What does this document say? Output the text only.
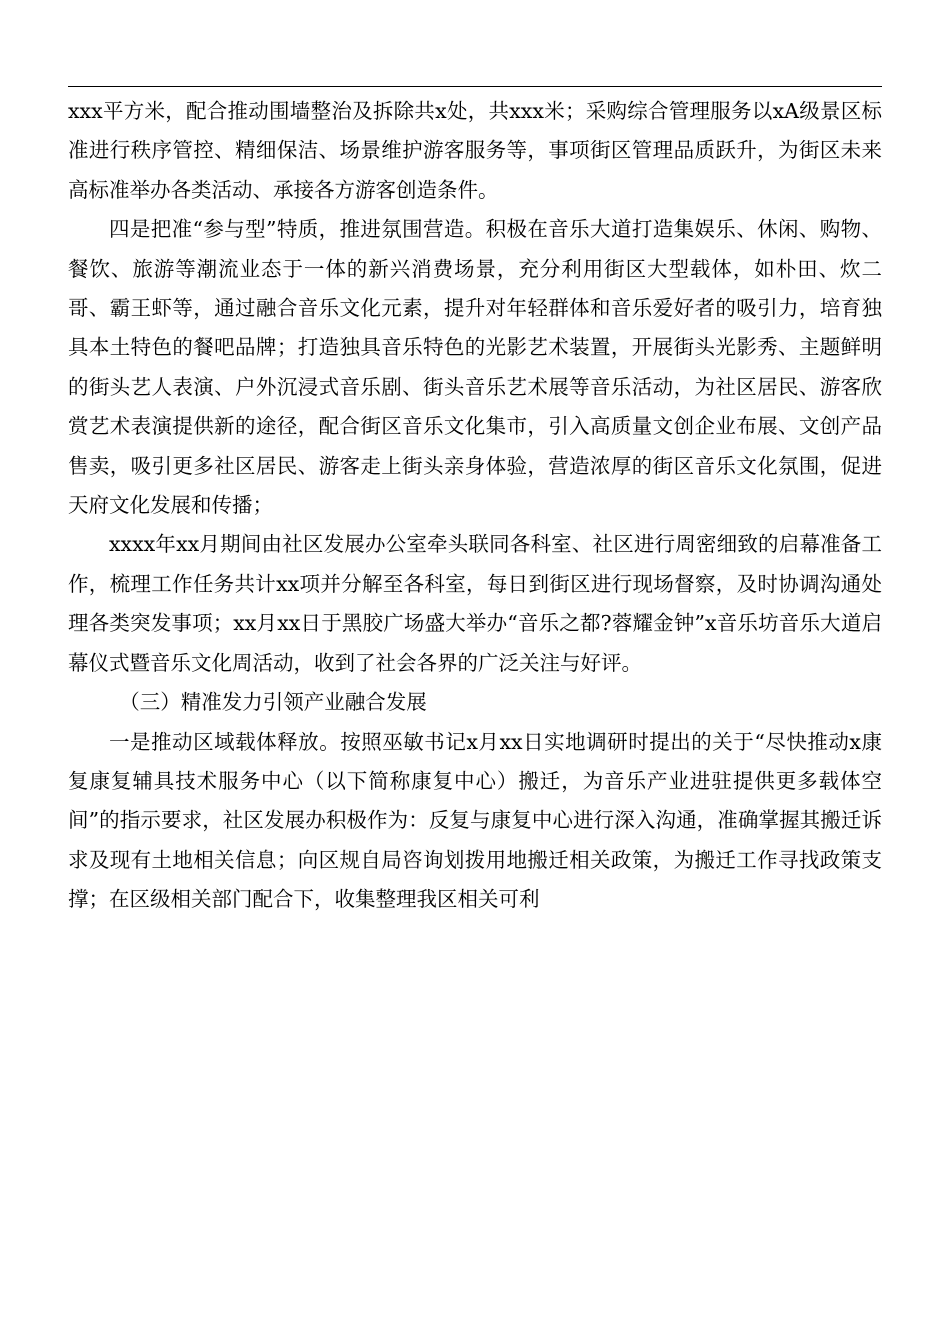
xxx平方米，配合推动围墙整治及拆除共x处，共xxx米；采购综合管理服务以xA级景区标准进行秩序管控、精细保洁、场景维护游客服务等，事项街区管理品质跃升，为街区未来高标准举办各类活动、承接各方游客创造条件。

四是把准“参与型”特质，推进氛围营造。积极在音乐大道打造集娱乐、休闲、购物、餐饮、旅游等潮流业态于一体的新兴消费场景，充分利用街区大型载体，如朴田、炊二哥、霸王虾等，通过融合音乐文化元素，提升对年轻群体和音乐爱好者的吸引力，培育独具本土特色的餐吧品牌；打造独具音乐特色的光影艺术装置，开展街头光影秀、主题鲜明的街头艺人表演、户外沉浸式音乐剧、街头音乐艺术展等音乐活动，为社区居民、游客欣赏艺术表演提供新的途径，配合街区音乐文化集市，引入高质量文创企业布展、文创产品售卖，吸引更多社区居民、游客走上街头亲身体验，营造浓厚的街区音乐文化氛围，促进天府文化发展和传播；

xxxx年xx月期间由社区发展办公室牵头联同各科室、社区进行周密细致的启幕准备工作，梳理工作任务共计xx项并分解至各科室，每日到街区进行现场督察，及时协调沟通处理各类突发事项；xx月xx日于黑胶广场盛大举办“音乐之都?蓉耀金钟”x音乐坊音乐大道启幕仪式暨音乐文化周活动，收到了社会各界的广泛关注与好评。

（三）精准发力引领产业融合发展

一是推动区域载体释放。按照巫敏书记x月xx日实地调研时提出的关于“尽快推动x康复康复辅具技术服务中心（以下简称康复中心）搬迁，为音乐产业进驻提供更多载体空间”的指示要求，社区发展办积极作为：反复与康复中心进行深入沟通，准确掌握其搬迁诉求及现有土地相关信息；向区规自局咨询划拨用地搬迁相关政策，为搬迁工作寻找政策支撑；在区级相关部门配合下，收集整理我区相关可利
